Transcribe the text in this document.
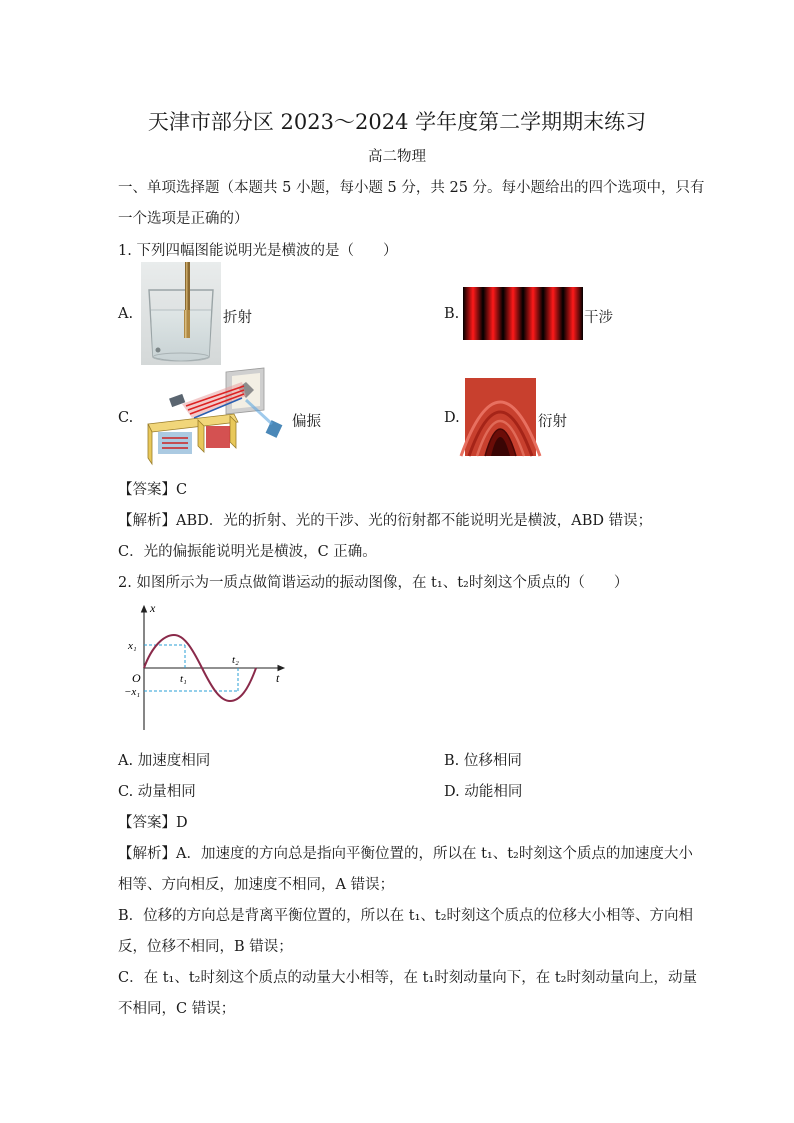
天津市部分区 2023～2024 学年度第二学期期末练习
高二物理
一、单项选择题（本题共 5 小题，每小题 5 分，共 25 分。每小题给出的四个选项中，只有
一个选项是正确的）
1. 下列四幅图能说明光是横波的是（　　）
A.	折射	B.	干涉
C.	偏振	D.	衍射
【答案】C
【解析】ABD．光的折射、光的干涉、光的衍射都不能说明光是横波，ABD 错误；
C．光的偏振能说明光是横波，C 正确。
2. 如图所示为一质点做简谐运动的振动图像，在 t₁、t₂时刻这个质点的（　　）
x
t
O
x₁
−x₁
t₁
t₂
A. 加速度相同	B. 位移相同
C. 动量相同	D. 动能相同
【答案】D
【解析】A．加速度的方向总是指向平衡位置的，所以在 t₁、t₂时刻这个质点的加速度大小
相等、方向相反，加速度不相同，A 错误；
B．位移的方向总是背离平衡位置的，所以在 t₁、t₂时刻这个质点的位移大小相等、方向相
反，位移不相同，B 错误；
C．在 t₁、t₂时刻这个质点的动量大小相等，在 t₁时刻动量向下，在 t₂时刻动量向上，动量
不相同，C 错误；
